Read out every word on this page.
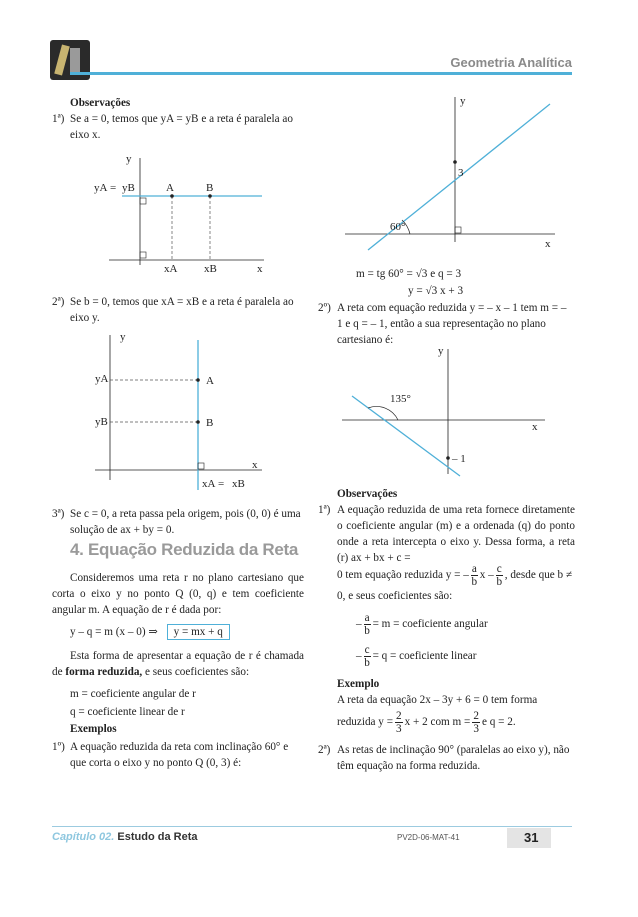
Geometria Analítica
Observações
1ª) Se a = 0, temos que yA = yB e a reta é paralela ao eixo x.
y
yA = yB	A	B
xA xB	x
2ª) Se b = 0, temos que xA = xB e a reta é paralela ao eixo y.
y
yA
yB
A
B
x
xA = xB
3ª) Se c = 0, a reta passa pela origem, pois (0, 0) é uma solução de ax + by = 0.
4. Equação Reduzida da Reta
Consideremos uma reta r no plano cartesiano que corta o eixo y no ponto Q (0, q) e tem coeficiente angular m. A equação de r é dada por:
y – q = m (x – 0) ⇒ y = mx + q
Esta forma de apresentar a equação de r é chamada de forma reduzida, e seus coeficientes são:
m = coeficiente angular de r
q = coeficiente linear de r
Exemplos
1º) A equação reduzida da reta com inclinação 60° e que corta o eixo y no ponto Q (0, 3) é:
y
3
60°
x
m = tg 60° = √3 e q = 3
y = √3 x + 3
2º) A reta com equação reduzida y = – x – 1 tem m = – 1 e q = – 1, então a sua representação no plano cartesiano é:
y
135°
x
– 1
Observações
1ª) A equação reduzida de uma reta fornece diretamente o coeficiente angular (m) e a ordenada (q) do ponto onde a reta intercepta o eixo y. Dessa forma, a reta (r) ax + bx + c =
0 tem equação reduzida y = – $\frac{a}{b}$ x – $\frac{c}{b}$ , desde que b ≠ 0, e seus coeficientes são:
– $\frac{a}{b} = m$ = coeficiente angular
– $\frac{c}{b} = q$ = coeficiente linear
Exemplo
A reta da equação 2x – 3y + 6 = 0 tem forma
reduzida $y = \frac{2}{3}$ x + 2 com $m = \frac{2}{3}$ e q = 2.
2ª) As retas de inclinação 90° (paralelas ao eixo y), não têm equação na forma reduzida.
Capítulo 02. Estudo da Reta	PV2D-06-MAT-41	31
